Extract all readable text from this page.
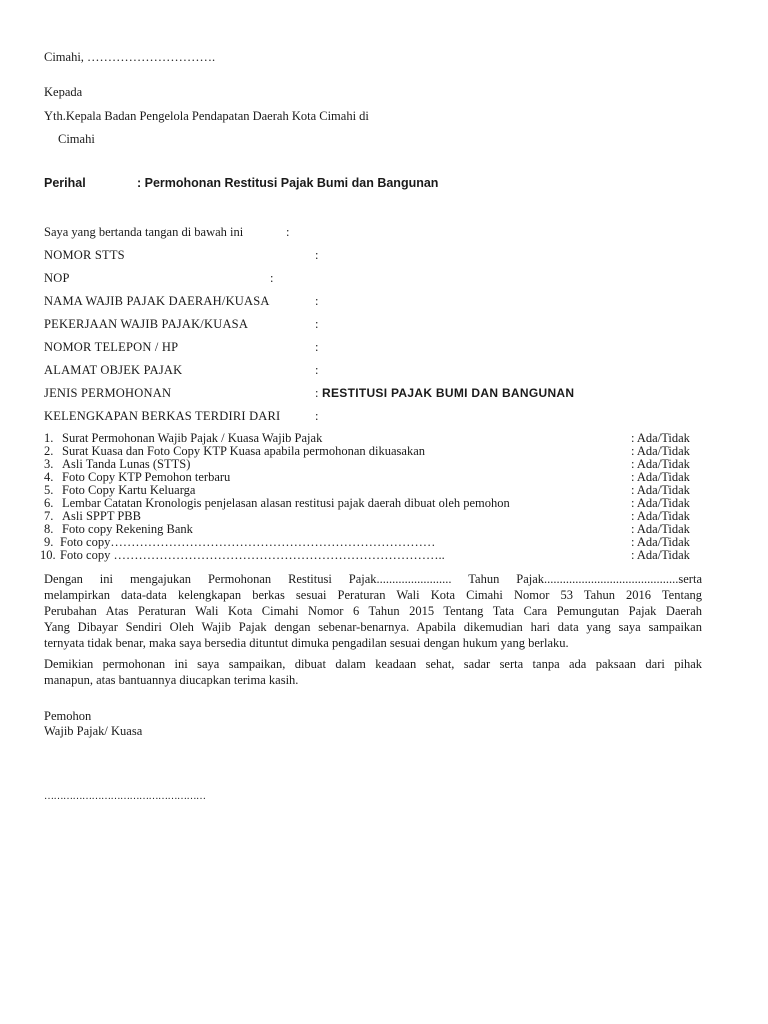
Cimahi, ………………………….
Kepada
Yth.Kepala Badan Pengelola Pendapatan Daerah Kota Cimahi di
Cimahi
Perihal	: Permohonan Restitusi Pajak Bumi dan Bangunan
Saya yang bertanda tangan di bawah ini	:
NOMOR STTS	:
NOP	:
NAMA WAJIB PAJAK DAERAH/KUASA	:
PEKERJAAN WAJIB PAJAK/KUASA	:
NOMOR TELEPON / HP	:
ALAMAT OBJEK PAJAK	:
JENIS PERMOHONAN	: RESTITUSI PAJAK BUMI DAN BANGUNAN
KELENGKAPAN BERKAS TERDIRI DARI	:
1. Surat Permohonan Wajib Pajak / Kuasa Wajib Pajak	: Ada/Tidak
2. Surat Kuasa dan Foto Copy KTP Kuasa apabila permohonan dikuasakan	: Ada/Tidak
3. Asli Tanda Lunas (STTS)	: Ada/Tidak
4. Foto Copy KTP Pemohon terbaru	: Ada/Tidak
5. Foto Copy Kartu Keluarga	: Ada/Tidak
6. Lembar Catatan Kronologis penjelasan alasan restitusi pajak daerah dibuat oleh pemohon	: Ada/Tidak
7. Asli SPPT PBB	: Ada/Tidak
8. Foto copy Rekening Bank	: Ada/Tidak
9. Foto copy……………………………………………………………………	: Ada/Tidak
10. Foto copy ……………………………………………………………………..	: Ada/Tidak
Dengan ini mengajukan Permohonan Restitusi Pajak........................ Tahun Pajak...........................................serta
melampirkan data-data kelengkapan berkas sesuai Peraturan Wali Kota Cimahi Nomor 53 Tahun 2016 Tentang
Perubahan Atas Peraturan Wali Kota Cimahi Nomor 6 Tahun 2015 Tentang Tata Cara Pemungutan Pajak Daerah
Yang Dibayar Sendiri Oleh Wajib Pajak dengan sebenar-benarnya. Apabila dikemudian hari data yang saya sampaikan
ternyata tidak benar, maka saya bersedia dituntut dimuka pengadilan sesuai dengan hukum yang berlaku.
Demikian permohonan ini saya sampaikan, dibuat dalam keadaan sehat, sadar serta tanpa ada paksaan dari pihak
manapun, atas bantuannya diucapkan terima kasih.
Pemohon
Wajib Pajak/ Kuasa
……………………………………………
